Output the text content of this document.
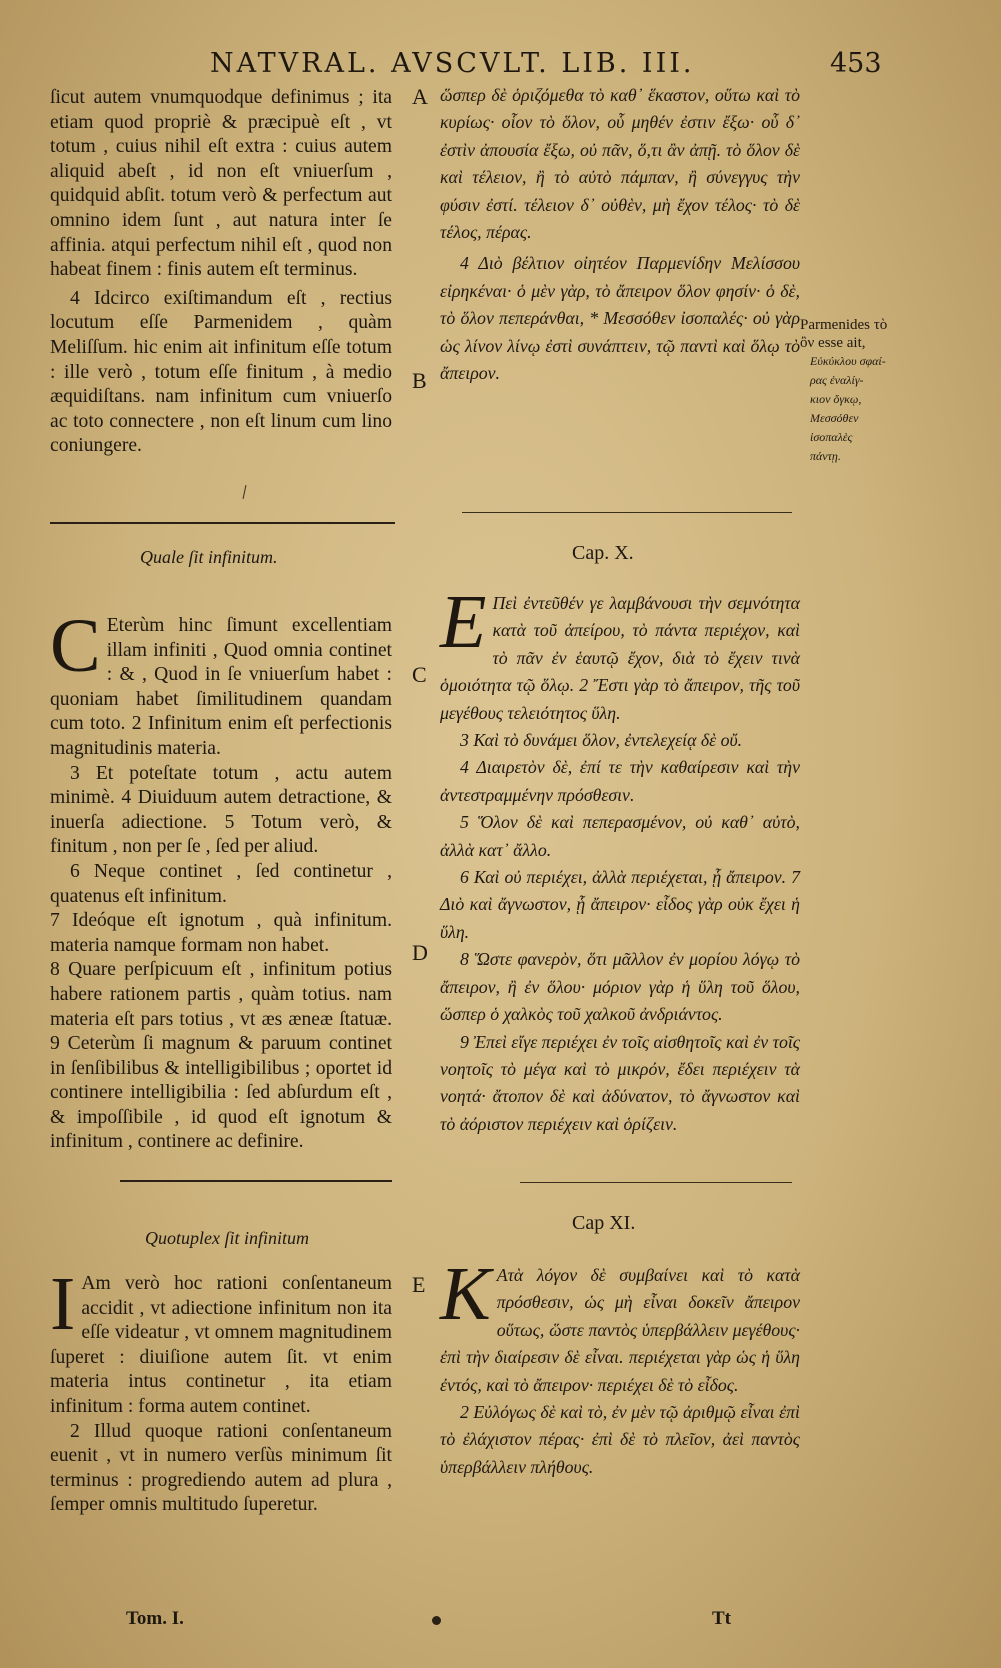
NATVRAL. AVSCVLT. LIB. III.	453

ſicut autem vnumquodque definimus ; ita etiam quod propriè & præcipuè eſt , vt totum , cuius nihil eſt extra : cuius autem aliquid abeſt , id non eſt vniuerſum , quidquid abſit. totum verò & perfectum aut omnino idem ſunt , aut natura inter ſe affinia. atqui perfectum nihil eſt , quod non habeat finem : finis autem eſt terminus.

4 Idcirco exiſtimandum eſt , rectius locutum eſſe Parmenidem , quàm Meliſſum. hic enim ait infinitum eſſe totum : ille verò , totum eſſe finitum , à medio æquidiſtans. nam infinitum cum vniuerſo ac toto connectere , non eſt linum cum lino coniungere.

Quale ſit infinitum.

C Eterùm hinc ſimunt excellentiam illam infiniti , Quod omnia continet : & , Quod in ſe vniuerſum habet : quoniam habet ſimilitudinem quandam cum toto. 2 Infinitum enim eſt perfectionis magnitudinis materia.

3 Et poteſtate totum , actu autem minimè. 4 Diuiduum autem detractione, & inuerſa adiectione. 5 Totum verò, & finitum , non per ſe , ſed per aliud.

6 Neque continet , ſed continetur , quatenus eſt infinitum.

7 Ideóque eſt ignotum , quà infinitum. materia namque formam non habet.

8 Quare perſpicuum eſt , infinitum potius habere rationem partis , quàm totius. nam materia eſt pars totius , vt æs æneæ ſtatuæ. 9 Ceterùm ſi magnum & paruum continet in ſenſibilibus & intelligibilibus ; oportet id continere intelligibilia : ſed abſurdum eſt , & impoſſibile , id quod eſt ignotum & infinitum , continere ac definire.

Quotuplex ſit infinitum

I Am verò hoc rationi conſentaneum accidit , vt adiectione infinitum non ita eſſe videatur , vt omnem magnitudinem ſuperet : diuiſione autem ſit. vt enim materia intus continetur , ita etiam infinitum : forma autem continet.

2 Illud quoque rationi conſentaneum euenit , vt in numero verſùs minimum ſit terminus : progrediendo autem ad plura , ſemper omnis multitudo ſuperetur.

A
B
C
D
E

ὥσπερ δὲ ὁριζόμεθα τὸ καθ᾽ ἕκαστον, οὕτω καὶ τὸ κυρίως· οἷον τὸ ὅλον, οὗ μηθέν ἐστιν ἔξω· οὗ δ᾽ ἐστὶν ἀπουσία ἔξω, οὐ πᾶν, ὅ,τι ἂν ἀπῇ. τὸ ὅλον δὲ καὶ τέλειον, ἢ τὸ αὐτὸ πάμπαν, ἢ σύνεγγυς τὴν φύσιν ἐστί. τέλειον δ᾽ οὐθὲν, μὴ ἔχον τέλος· τὸ δὲ τέλος, πέρας.

4 Διὸ βέλτιον οἰητέον Παρμενίδην Μελίσσου εἰρηκέναι· ὁ μὲν γὰρ, τὸ ἄπειρον ὅλον φησίν· ὁ δὲ, τὸ ὅλον πεπεράνθαι, * Μεσσόθεν ἰσοπαλές· οὐ γὰρ ὡς λίνον λίνῳ ἐστὶ συνάπτειν, τῷ παντὶ καὶ ὅλῳ τὸ ἄπειρον.

Parmenides τὸ ὂν esse ait,
Εὐκύκλου σφαί-
ρας ἐναλίγ-
κιον ὄγκῳ,
Μεσσόθεν
ἰσοπαλὲς
πάντῃ.
Cap. X.

E Πεὶ ἐντεῦθέν γε λαμβάνουσι τὴν σεμνότητα κατὰ τοῦ ἀπείρου, τὸ πάντα περιέχον, καὶ τὸ πᾶν ἐν ἑαυτῷ ἔχον, διὰ τὸ ἔχειν τινὰ ὁμοιότητα τῷ ὅλῳ. 2 Ἔστι γὰρ τὸ ἄπειρον, τῆς τοῦ μεγέθους τελειότητος ὕλη.

3 Καὶ τὸ δυνάμει ὅλον, ἐντελεχείᾳ δὲ οὔ.

4 Διαιρετὸν δὲ, ἐπί τε τὴν καθαίρεσιν καὶ τὴν ἀντεστραμμένην πρόσθεσιν.

5 Ὅλον δὲ καὶ πεπερασμένον, οὐ καθ᾽ αὐτὸ, ἀλλὰ κατ᾽ ἄλλο.

6 Καὶ οὐ περιέχει, ἀλλὰ περιέχεται, ᾗ ἄπειρον. 7 Διὸ καὶ ἄγνωστον, ᾗ ἄπειρον· εἶδος γὰρ οὐκ ἔχει ἡ ὕλη.

8 Ὥστε φανερὸν, ὅτι μᾶλλον ἐν μορίου λόγῳ τὸ ἄπειρον, ἢ ἐν ὅλου· μόριον γὰρ ἡ ὕλη τοῦ ὅλου, ὥσπερ ὁ χαλκὸς τοῦ χαλκοῦ ἀνδριάντος.

9 Ἐπεὶ εἴγε περιέχει ἐν τοῖς αἰσθητοῖς καὶ ἐν τοῖς νοητοῖς τὸ μέγα καὶ τὸ μικρόν, ἔδει περιέχειν τὰ νοητά· ἄτοπον δὲ καὶ ἀδύνατον, τὸ ἄγνωστον καὶ τὸ ἀόριστον περιέχειν καὶ ὁρίζειν.

Cap XI.

K Ατὰ λόγον δὲ συμβαίνει καὶ τὸ κατὰ πρόσθεσιν, ὡς μὴ εἶναι δοκεῖν ἄπειρον οὕτως, ὥστε παντὸς ὑπερβάλλειν μεγέθους· ἐπὶ τὴν διαίρεσιν δὲ εἶναι. περιέχεται γὰρ ὡς ἡ ὕλη ἐντός, καὶ τὸ ἄπειρον· περιέχει δὲ τὸ εἶδος.

2 Εὐλόγως δὲ καὶ τὸ, ἐν μὲν τῷ ἀριθμῷ εἶναι ἐπὶ τὸ ἐλάχιστον πέρας· ἐπὶ δὲ τὸ πλεῖον, ἀεὶ παντὸς ὑπερβάλλειν πλήθους.

Tom. I.	Tt
